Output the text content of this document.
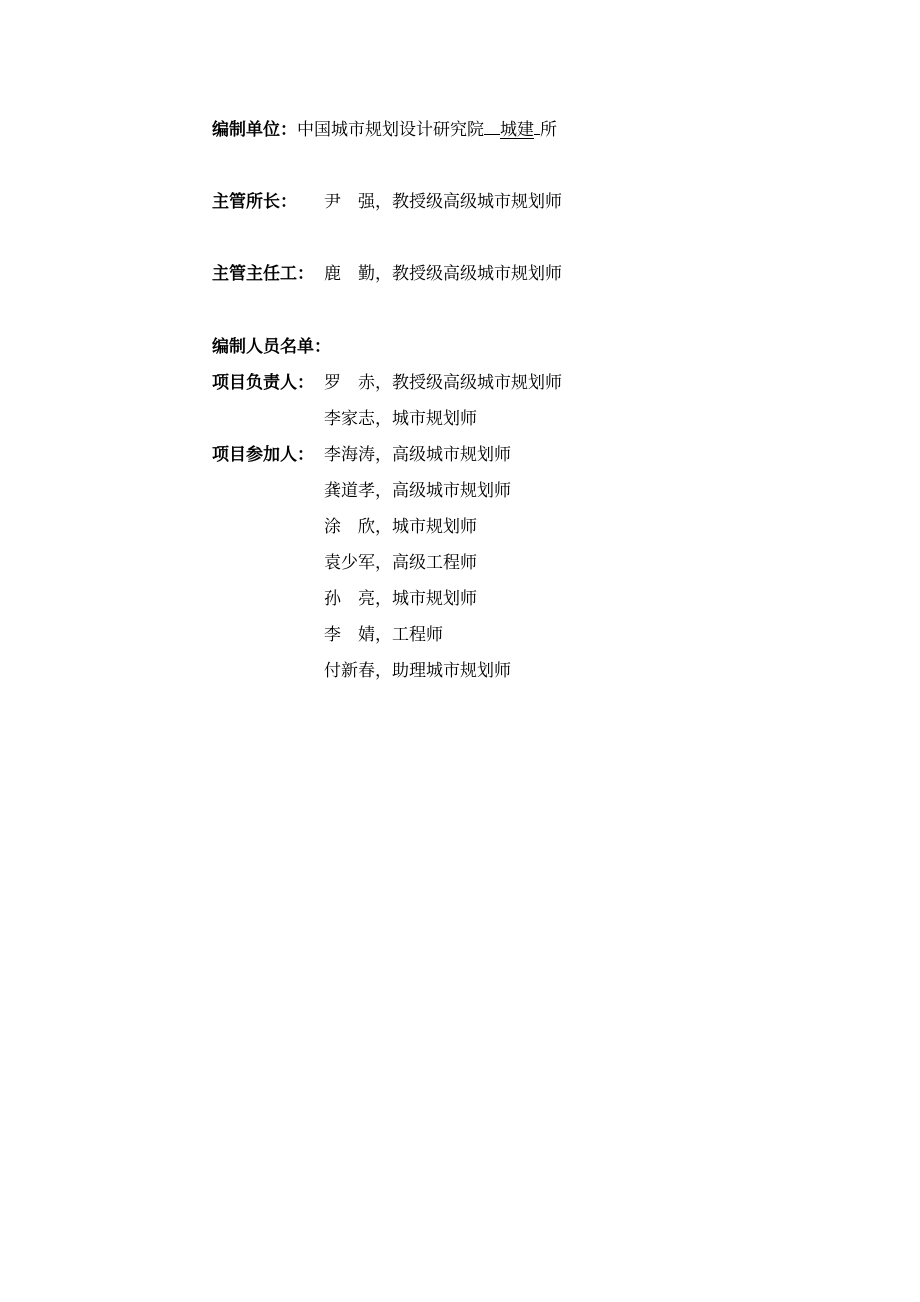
编制单位：中国城市规划设计研究院 城建 所
主管所长： 尹　强，教授级高级城市规划师
主管主任工： 鹿　勤，教授级高级城市规划师
编制人员名单：
项目负责人： 罗　赤，教授级高级城市规划师
李家志，城市规划师
项目参加人： 李海涛，高级城市规划师
龚道孝，高级城市规划师
涂　欣，城市规划师
袁少军，高级工程师
孙　亮，城市规划师
李　婧，工程师
付新春，助理城市规划师
